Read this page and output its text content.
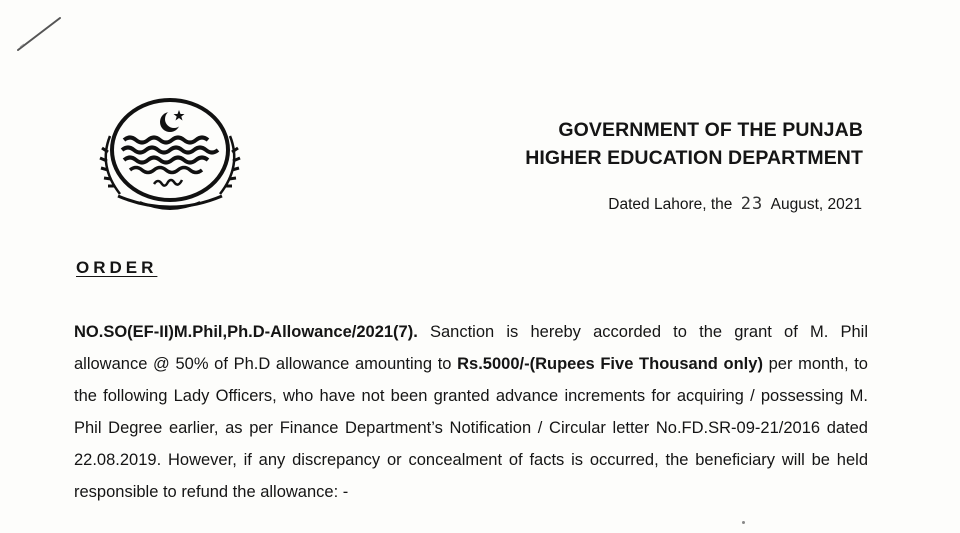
GOVERNMENT OF THE PUNJAB
HIGHER EDUCATION DEPARTMENT
Dated Lahore, the 23 August, 2021
ORDER
NO.SO(EF-II)M.Phil,Ph.D-Allowance/2021(7). Sanction is hereby accorded to the grant of M. Phil allowance @ 50% of Ph.D allowance amounting to Rs.5000/-(Rupees Five Thousand only) per month, to the following Lady Officers, who have not been granted advance increments for acquiring / possessing M. Phil Degree earlier, as per Finance Department’s Notification / Circular letter No.FD.SR-09-21/2016 dated 22.08.2019. However, if any discrepancy or concealment of facts is occurred, the beneficiary will be held responsible to refund the allowance: -
